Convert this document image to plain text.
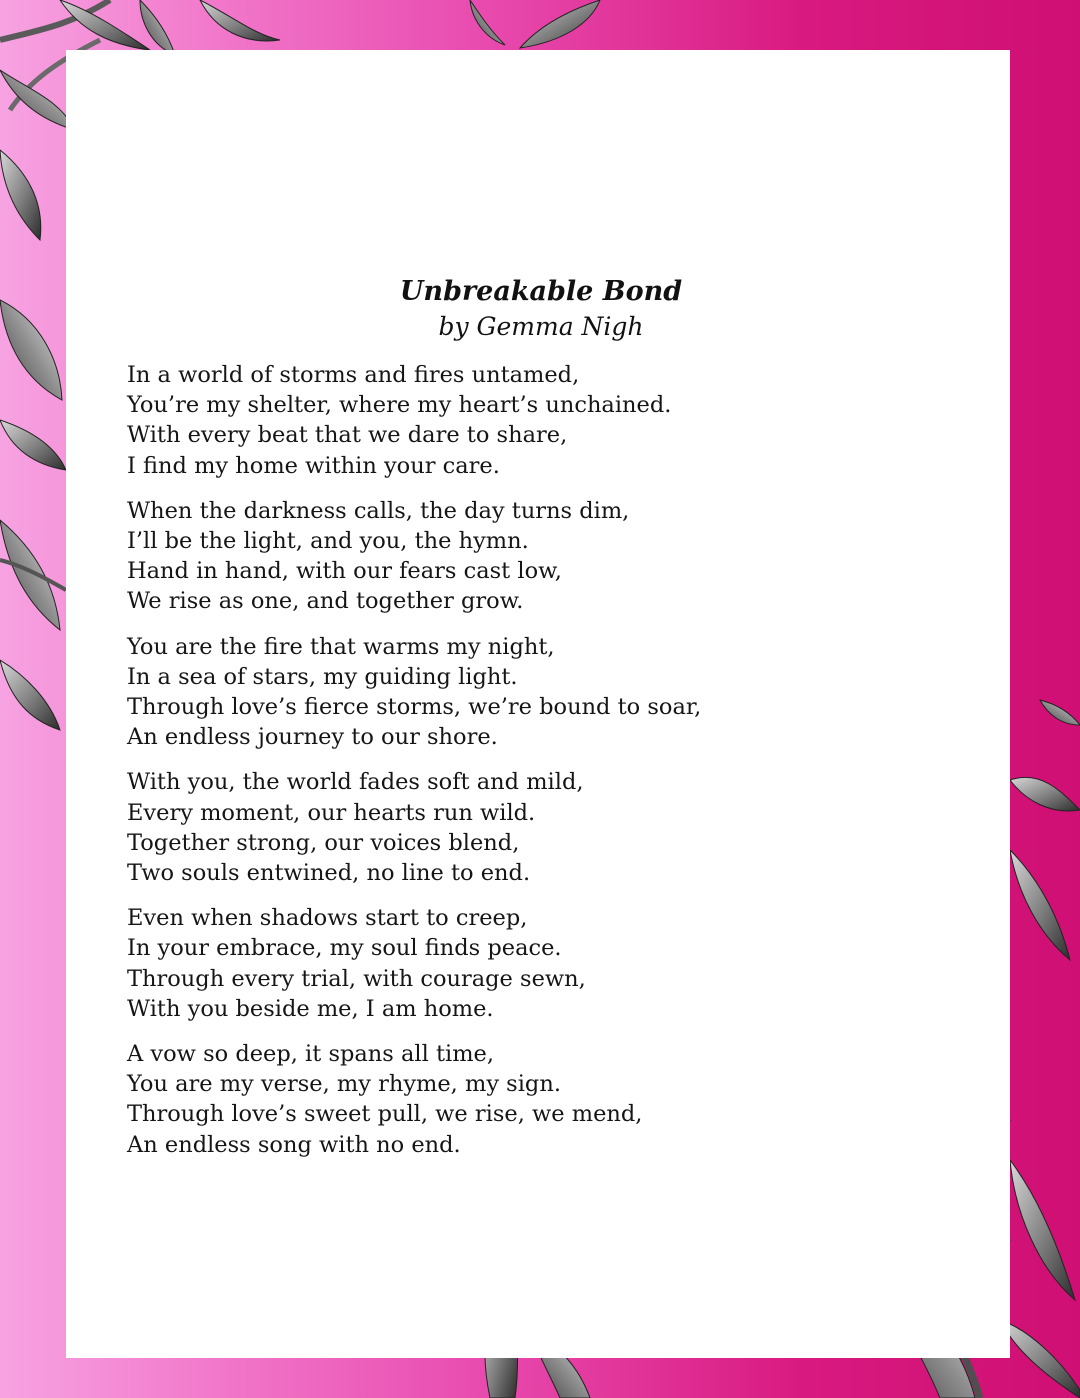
Unbreakable Bond

by Gemma Nigh

In a world of storms and fires untamed,
You’re my shelter, where my heart’s unchained.
With every beat that we dare to share,
I find my home within your care.
When the darkness calls, the day turns dim,
I’ll be the light, and you, the hymn.
Hand in hand, with our fears cast low,
We rise as one, and together grow.
You are the fire that warms my night,
In a sea of stars, my guiding light.
Through love’s fierce storms, we’re bound to soar,
An endless journey to our shore.
With you, the world fades soft and mild,
Every moment, our hearts run wild.
Together strong, our voices blend,
Two souls entwined, no line to end.
Even when shadows start to creep,
In your embrace, my soul finds peace.
Through every trial, with courage sewn,
With you beside me, I am home.
A vow so deep, it spans all time,
You are my verse, my rhyme, my sign.
Through love’s sweet pull, we rise, we mend,
An endless song with no end.
